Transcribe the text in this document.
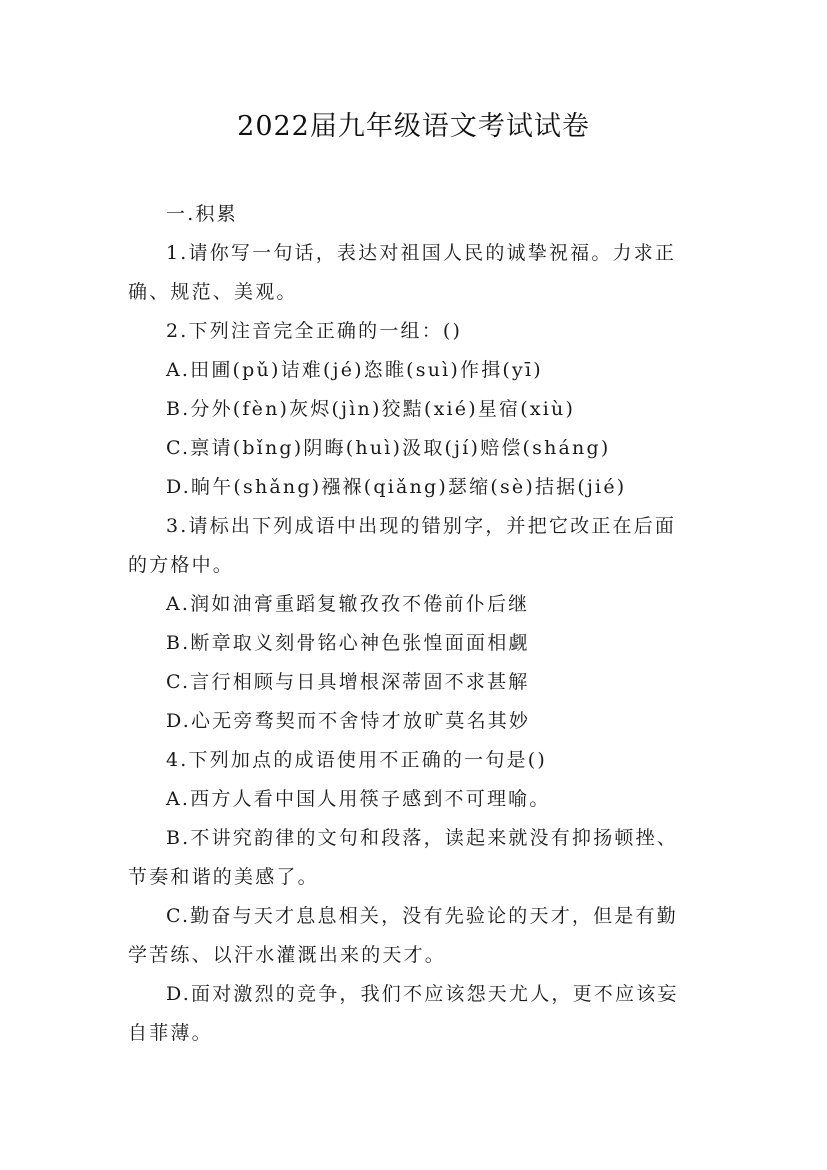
2022届九年级语文考试试卷
一.积累
1.请你写一句话，表达对祖国人民的诚挚祝福。力求正
确、规范、美观。
2.下列注音完全正确的一组：()
A.田圃(pǔ)诘难(jé)恣睢(suì)作揖(yī)
B.分外(fèn)灰烬(jìn)狡黠(xié)星宿(xiù)
C.禀请(bǐng)阴晦(huì)汲取(jí)赔偿(sháng)
D.晌午(shǎng)襁褓(qiǎng)瑟缩(sè)拮据(jié)
3.请标出下列成语中出现的错别字，并把它改正在后面
的方格中。
A.润如油膏重蹈复辙孜孜不倦前仆后继
B.断章取义刻骨铭心神色张惶面面相觑
C.言行相顾与日具增根深蒂固不求甚解
D.心无旁骛契而不舍恃才放旷莫名其妙
4.下列加点的成语使用不正确的一句是()
A.西方人看中国人用筷子感到不可理喻。
B.不讲究韵律的文句和段落，读起来就没有抑扬顿挫、
节奏和谐的美感了。
C.勤奋与天才息息相关，没有先验论的天才，但是有勤
学苦练、以汗水灌溉出来的天才。
D.面对激烈的竞争，我们不应该怨天尤人，更不应该妄
自菲薄。
